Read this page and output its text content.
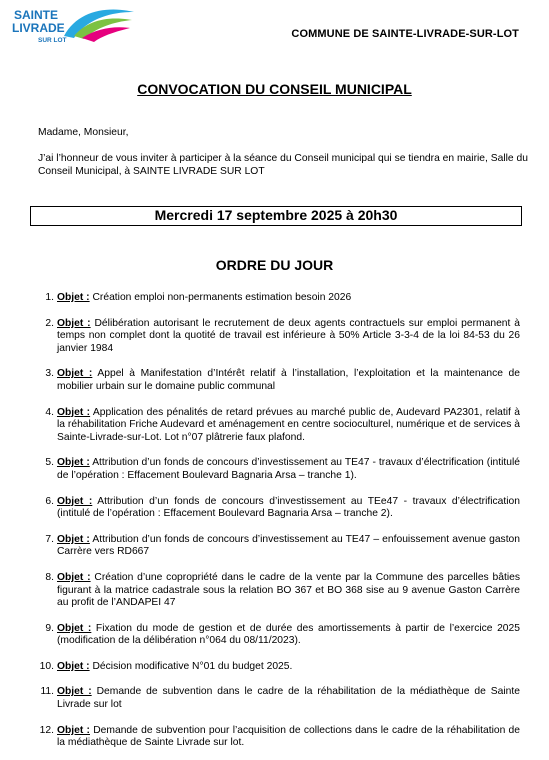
SAINTE
LIVRADE
SUR LOT
COMMUNE DE SAINTE-LIVRADE-SUR-LOT
CONVOCATION DU CONSEIL MUNICIPAL
Madame, Monsieur,
J’ai l’honneur de vous inviter à participer à la séance du Conseil municipal qui se tiendra en mairie, Salle du Conseil Municipal, à SAINTE LIVRADE SUR LOT
Mercredi 17 septembre 2025 à 20h30
ORDRE DU JOUR
1. Objet : Création emploi non-permanents estimation besoin 2026
2. Objet : Délibération autorisant le recrutement de deux agents contractuels sur emploi permanent à temps non complet dont la quotité de travail est inférieure à 50% Article 3-3-4 de la loi 84-53 du 26 janvier 1984
3. Objet : Appel à Manifestation d’Intérêt relatif à l’installation, l’exploitation et la maintenance de mobilier urbain sur le domaine public communal
4. Objet : Application des pénalités de retard prévues au marché public de, Audevard PA2301, relatif à la réhabilitation Friche Audevard et aménagement en centre socioculturel, numérique et de services à Sainte-Livrade-sur-Lot. Lot n°07 plâtrerie faux plafond.
5. Objet : Attribution d’un fonds de concours d’investissement au TE47 - travaux d’électrification (intitulé de l’opération : Effacement Boulevard Bagnaria Arsa – tranche 1).
6. Objet : Attribution d’un fonds de concours d’investissement au TEe47 - travaux d’électrification (intitulé de l’opération : Effacement Boulevard Bagnaria Arsa – tranche 2).
7. Objet : Attribution d’un fonds de concours d’investissement au TE47 – enfouissement avenue gaston Carrère vers RD667
8. Objet : Création d’une copropriété dans le cadre de la vente par la Commune des parcelles bâties figurant à la matrice cadastrale sous la relation BO 367 et BO 368 sise au 9 avenue Gaston Carrère au profit de l’ANDAPEI 47
9. Objet : Fixation du mode de gestion et de durée des amortissements à partir de l’exercice 2025 (modification de la délibération n°064 du 08/11/2023).
10. Objet : Décision modificative N°01 du budget 2025.
11. Objet : Demande de subvention dans le cadre de la réhabilitation de la médiathèque de Sainte Livrade sur lot
12. Objet : Demande de subvention pour l’acquisition de collections dans le cadre de la réhabilitation de la médiathèque de Sainte Livrade sur lot.
